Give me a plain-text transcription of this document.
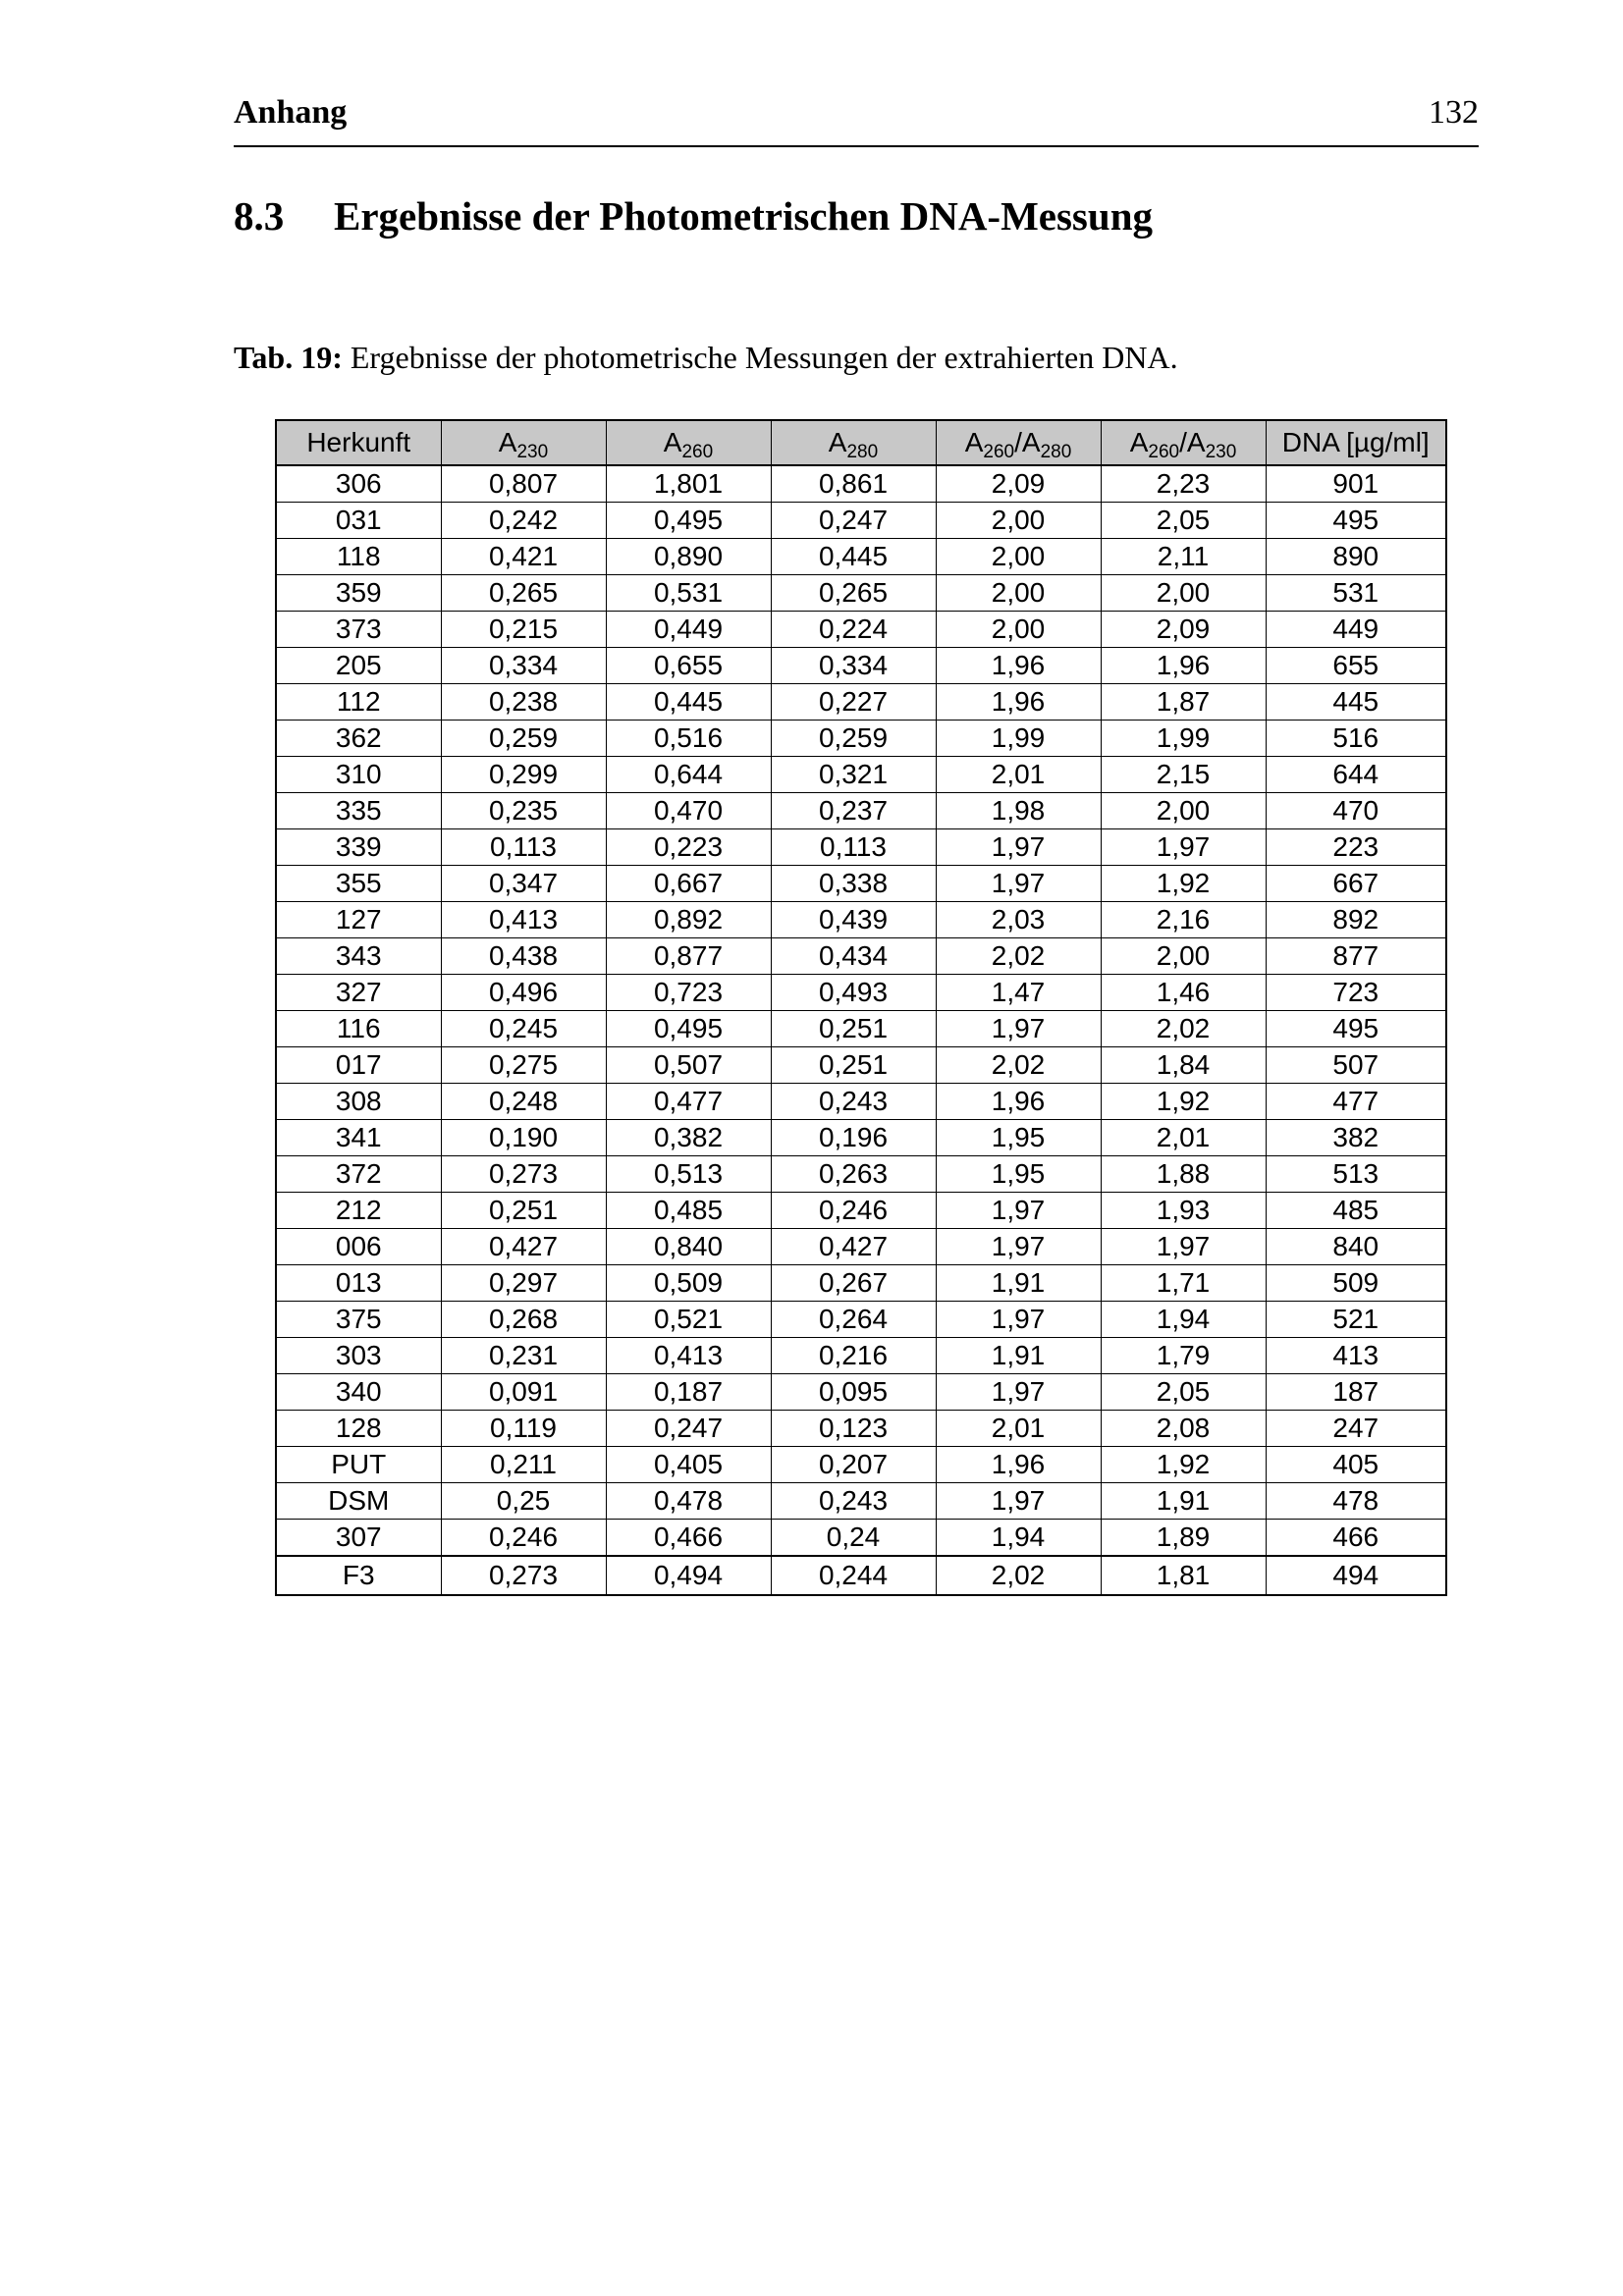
Anhang	132
8.3 Ergebnisse der Photometrischen DNA-Messung
Tab. 19: Ergebnisse der photometrische Messungen der extrahierten DNA.
Herkunft	$A_{230}$	$A_{260}$	$A_{280}$	$A_{260}/A_{280}$	$A_{260}/A_{230}$	DNA [µg/ml]
306	0,807	1,801	0,861	2,09	2,23	901
031	0,242	0,495	0,247	2,00	2,05	495
118	0,421	0,890	0,445	2,00	2,11	890
359	0,265	0,531	0,265	2,00	2,00	531
373	0,215	0,449	0,224	2,00	2,09	449
205	0,334	0,655	0,334	1,96	1,96	655
112	0,238	0,445	0,227	1,96	1,87	445
362	0,259	0,516	0,259	1,99	1,99	516
310	0,299	0,644	0,321	2,01	2,15	644
335	0,235	0,470	0,237	1,98	2,00	470
339	0,113	0,223	0,113	1,97	1,97	223
355	0,347	0,667	0,338	1,97	1,92	667
127	0,413	0,892	0,439	2,03	2,16	892
343	0,438	0,877	0,434	2,02	2,00	877
327	0,496	0,723	0,493	1,47	1,46	723
116	0,245	0,495	0,251	1,97	2,02	495
017	0,275	0,507	0,251	2,02	1,84	507
308	0,248	0,477	0,243	1,96	1,92	477
341	0,190	0,382	0,196	1,95	2,01	382
372	0,273	0,513	0,263	1,95	1,88	513
212	0,251	0,485	0,246	1,97	1,93	485
006	0,427	0,840	0,427	1,97	1,97	840
013	0,297	0,509	0,267	1,91	1,71	509
375	0,268	0,521	0,264	1,97	1,94	521
303	0,231	0,413	0,216	1,91	1,79	413
340	0,091	0,187	0,095	1,97	2,05	187
128	0,119	0,247	0,123	2,01	2,08	247
PUT	0,211	0,405	0,207	1,96	1,92	405
DSM	0,25	0,478	0,243	1,97	1,91	478
307	0,246	0,466	0,24	1,94	1,89	466
F3	0,273	0,494	0,244	2,02	1,81	494
